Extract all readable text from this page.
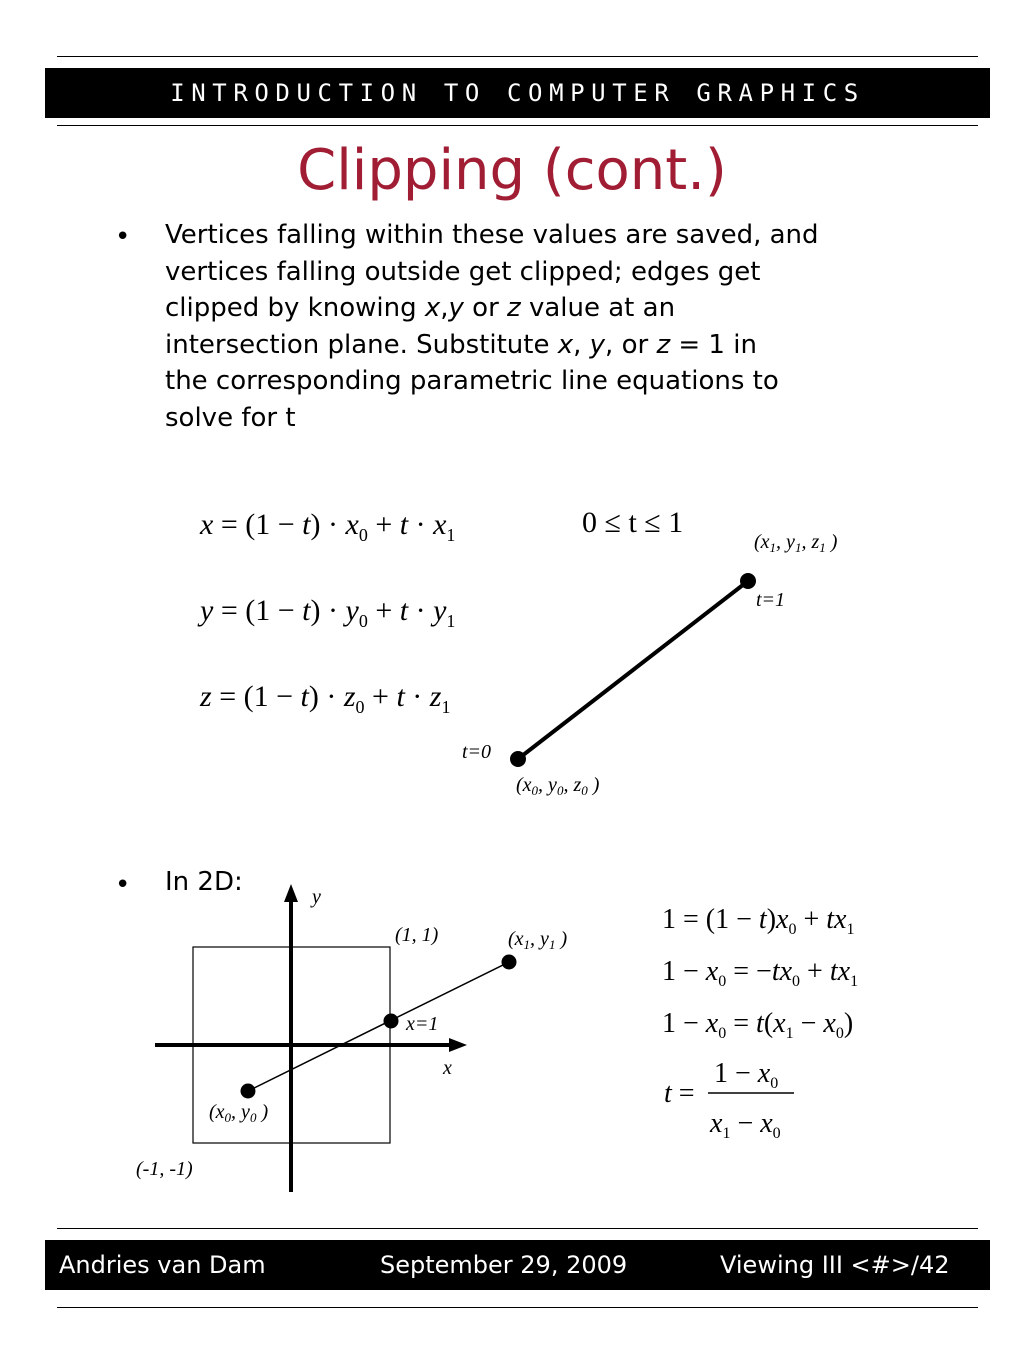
INTRODUCTION TO COMPUTER GRAPHICS
Clipping (cont.)
• Vertices falling within these values are saved, and
vertices falling outside get clipped; edges get
clipped by knowing x,y or z value at an
intersection plane. Substitute x, y, or z = 1 in
the corresponding parametric line equations to
solve for t
• In 2D:
$x = (1 - t) \cdot x_0 + t \cdot x_1$
$y = (1 - t) \cdot y_0 + t \cdot y_1$
$z = (1 - t) \cdot z_0 + t \cdot z_1$
0 ≤ t ≤ 1
($x_1$, $y_1$, $z_1$ )
t=1
t=0
($x_0$, $y_0$, $z_0$ )
y
x
(1, 1)
(-1, -1)
x=1
($x_1$, $y_1$ )
($x_0$, $y_0$ )
$1 = (1 - t)x_0 + tx_1$
$1 - x_0 = -tx_0 + tx_1$
$1 - x_0 = t(x_1 - x_0)$
t =
$1 - x_0$
$x_1 - x_0$
Andries van Dam	September 29, 2009	Viewing III <#>/42
